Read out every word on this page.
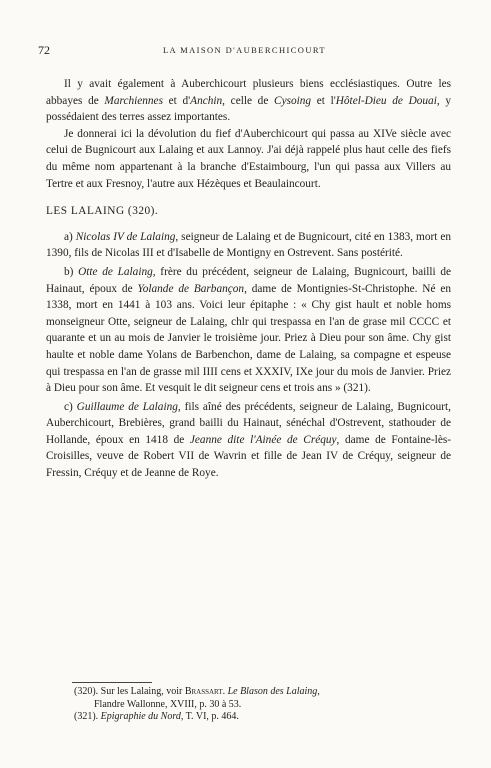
72	LA MAISON D'AUBERCHICOURT

Il y avait également à Auberchicourt plusieurs biens ecclésiastiques. Outre les abbayes de Marchiennes et d'Anchin, celle de Cysoing et l'Hôtel-Dieu de Douai, y possédaient des terres assez importantes.

Je donnerai ici la dévolution du fief d'Auberchicourt qui passa au XIVe siècle avec celui de Bugnicourt aux Lalaing et aux Lannoy. J'ai déjà rappelé plus haut celle des fiefs du même nom appartenant à la branche d'Estaimbourg, l'un qui passa aux Villers au Tertre et aux Fresnoy, l'autre aux Hézèques et Beaulaincourt.

LES LALAING (320).

a) Nicolas IV de Lalaing, seigneur de Lalaing et de Bugnicourt, cité en 1383, mort en 1390, fils de Nicolas III et d'Isabelle de Montigny en Ostrevent. Sans postérité.

b) Otte de Lalaing, frère du précédent, seigneur de Lalaing, Bugnicourt, bailli de Hainaut, époux de Yolande de Barbançon, dame de Montignies-St-Christophe. Né en 1338, mort en 1441 à 103 ans. Voici leur épitaphe : « Chy gist hault et noble homs monseigneur Otte, seigneur de Lalaing, chlr qui trespassa en l'an de grase mil CCCC et quarante et un au mois de Janvier le troisième jour. Priez à Dieu pour son âme. Chy gist haulte et noble dame Yolans de Barbenchon, dame de Lalaing, sa compagne et espeuse qui trespassa en l'an de grasse mil IIII cens et XXXIV, IXe jour du mois de Janvier. Priez à Dieu pour son âme. Et vesquit le dit seigneur cens et trois ans » (321).

c) Guillaume de Lalaing, fils aîné des précédents, seigneur de Lalaing, Bugnicourt, Auberchicourt, Brebières, grand bailli du Hainaut, sénéchal d'Ostrevent, stathouder de Hollande, époux en 1418 de Jeanne dite l'Ainée de Créquy, dame de Fontaine-lès-Croisilles, veuve de Robert VII de Wavrin et fille de Jean IV de Créquy, seigneur de Fressin, Créquy et de Jeanne de Roye.

(320). Sur les Lalaing, voir Brassart. Le Blason des Lalaing,

Flandre Wallonne, XVIII, p. 30 à 53.

(321). Epigraphie du Nord, T. VI, p. 464.
